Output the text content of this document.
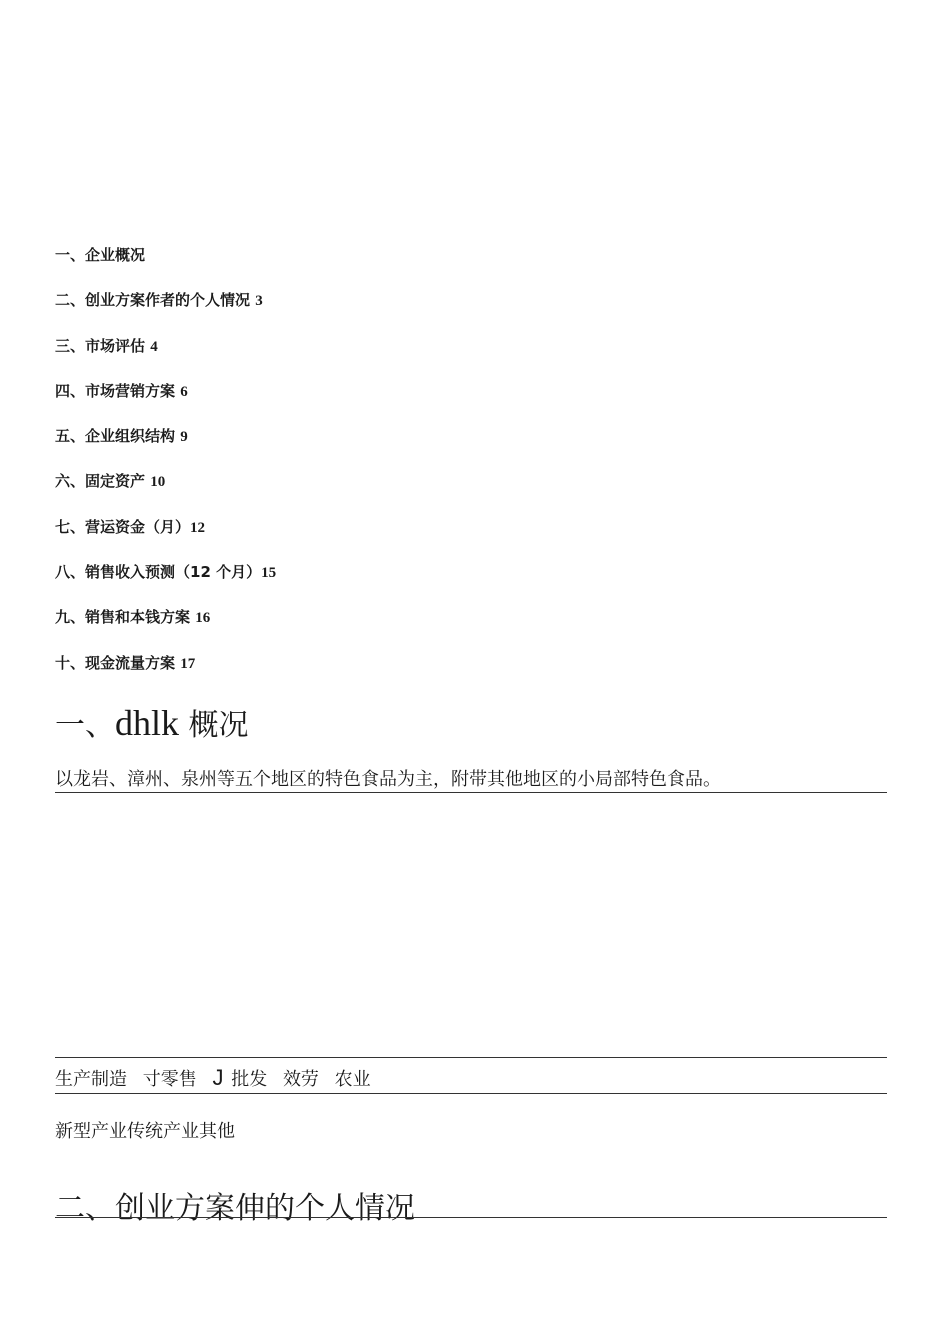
一、企业概况
二、创业方案作者的个人情况 3
三、市场评估 4
四、市场营销方案 6
五、企业组织结构 9
六、固定资产 10
七、营运资金（月）12
八、销售收入预测（12 个月）15
九、销售和本钱方案 16
十、现金流量方案 17
一、dhlk 概况

以龙岩、漳州、泉州等五个地区的特色食品为主，附带其他地区的小局部特色食品。

生产制造 寸零售 J 批发 效劳 农业

新型产业传统产业其他

二、创业方案伸的个人情况
